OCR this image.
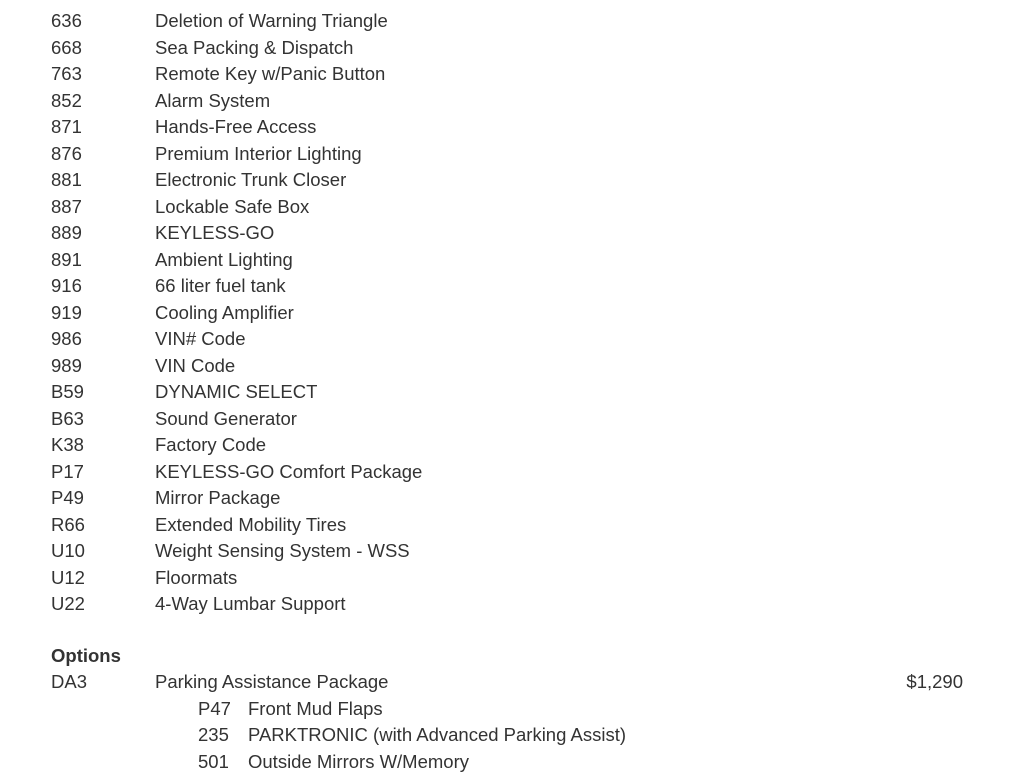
636	Deletion of Warning Triangle
668	Sea Packing & Dispatch
763	Remote Key w/Panic Button
852	Alarm System
871	Hands-Free Access
876	Premium Interior Lighting
881	Electronic Trunk Closer
887	Lockable Safe Box
889	KEYLESS-GO
891	Ambient Lighting
916	66 liter fuel tank
919	Cooling Amplifier
986	VIN# Code
989	VIN Code
B59	DYNAMIC SELECT
B63	Sound Generator
K38	Factory Code
P17	KEYLESS-GO Comfort Package
P49	Mirror Package
R66	Extended Mobility Tires
U10	Weight Sensing System - WSS
U12	Floormats
U22	4-Way Lumbar Support
Options
DA3	Parking Assistance Package	$1,290
P47 Front Mud Flaps
235 PARKTRONIC (with Advanced Parking Assist)
501 Outside Mirrors W/Memory
